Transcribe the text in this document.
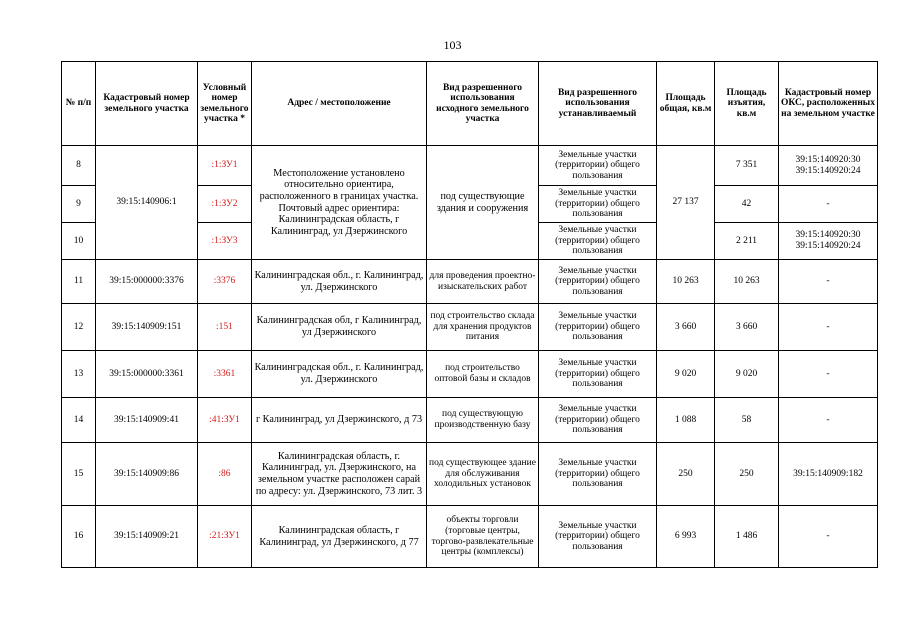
103
№ п/п	Кадастровый номер земельного участка	Условный номер земельного участка *	Адрес / местоположение	Вид разрешенного использования исходного земельного участка	Вид разрешенного использования устанавливаемый	Площадь общая, кв.м	Площадь изъятия, кв.м	Кадастровый номер ОКС, расположенных на земельном участке
8	39:15:140906:1	:1:ЗУ1	Местоположение установлено относительно ориентира, расположенного в границах участка. Почтовый адрес ориентира: Калининградская область, г Калининград, ул Дзержинского	под существующие здания и сооружения	Земельные участки (территории) общего пользования	27 137	7 351	39:15:140920:30 39:15:140920:24
9		:1:ЗУ2			Земельные участки (территории) общего пользования		42	-
10		:1:ЗУ3			Земельные участки (территории) общего пользования		2 211	39:15:140920:30 39:15:140920:24
11	39:15:000000:3376	:3376	Калининградская обл., г. Калининград, ул. Дзержинского	для проведения проектно-изыскательских работ	Земельные участки (территории) общего пользования	10 263	10 263	-
12	39:15:140909:151	:151	Калининградская обл, г Калининград, ул Дзержинского	под строительство склада для хранения продуктов питания	Земельные участки (территории) общего пользования	3 660	3 660	-
13	39:15:000000:3361	:3361	Калининградская обл., г. Калининград, ул. Дзержинского	под строительство оптовой базы и складов	Земельные участки (территории) общего пользования	9 020	9 020	-
14	39:15:140909:41	:41:ЗУ1	г Калининград, ул Дзержинского, д 73	под существующую производственную базу	Земельные участки (территории) общего пользования	1 088	58	-
15	39:15:140909:86	:86	Калининградская область, г. Калининград, ул. Дзержинского, на земельном участке расположен сарай по адресу: ул. Дзержинского, 73 лит. 3	под существующее здание для обслуживания холодильных установок	Земельные участки (территории) общего пользования	250	250	39:15:140909:182
16	39:15:140909:21	:21:ЗУ1	Калининградская область, г Калининград, ул Дзержинского, д 77	объекты торговли (торговые центры, торгово-развлекательные центры (комплексы)	Земельные участки (территории) общего пользования	6 993	1 486	-
